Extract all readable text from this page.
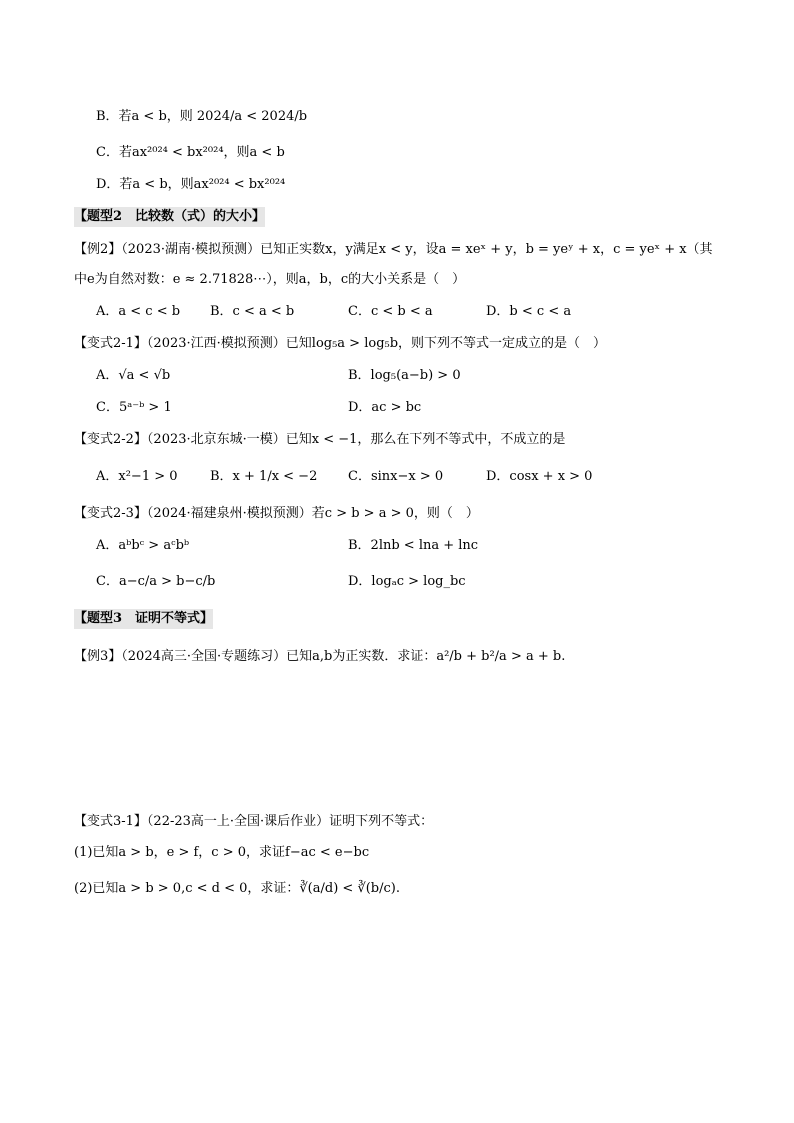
B．若a < b，则 2024/a < 2024/b
C．若ax²⁰²⁴ < bx²⁰²⁴，则a < b
D．若a < b，则ax²⁰²⁴ < bx²⁰²⁴
【题型2　比较数（式）的大小】
【例2】（2023·湖南·模拟预测）已知正实数x，y满足x < y，设a = xeˣ + y，b = yeʸ + x，c = yeˣ + x（其
中e为自然对数：e ≈ 2.71828⋯），则a，b，c的大小关系是（　）
A．a < c < b B．c < a < b	C．c < b < a	D．b < c < a
【变式2-1】（2023·江西·模拟预测）已知log₅a > log₅b，则下列不等式一定成立的是（　）
A．√a < √b	B．log₅(a−b) > 0
C．5ᵃ⁻ᵇ > 1	D．ac > bc
【变式2-2】（2023·北京东城·一模）已知x < −1，那么在下列不等式中，不成立的是
A．x²−1 > 0 B．x + 1/x < −2 C．sinx−x > 0	D．cosx + x > 0
【变式2-3】（2024·福建泉州·模拟预测）若c > b > a > 0，则（　）
A．aᵇbᶜ > aᶜbᵇ	B．2lnb < lna + lnc
C．a−c/a > b−c/b	D．logₐc > log_bc
【题型3　证明不等式】
【例3】（2024高三·全国·专题练习）已知a,b为正实数．求证：a²/b + b²/a > a + b.
【变式3-1】（22-23高一上·全国·课后作业）证明下列不等式：
(1)已知a > b，e > f，c > 0，求证f−ac < e−bc
(2)已知a > b > 0,c < d < 0，求证：∛(a/d) < ∛(b/c).
